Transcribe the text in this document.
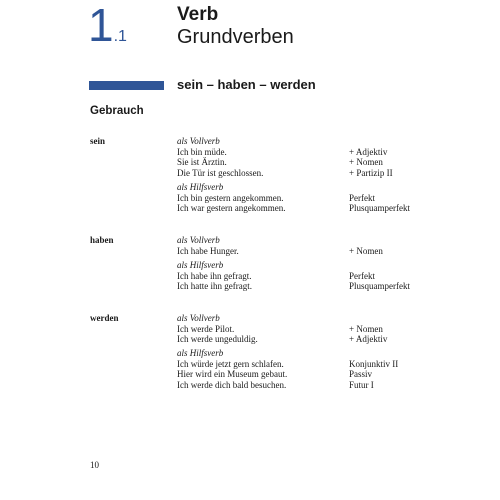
1.1
Verb
Grundverben
sein – haben – werden
Gebrauch
sein	als Vollverb
Ich bin müde.	+ Adjektiv
Sie ist Ärztin.	+ Nomen
Die Tür ist geschlossen.	+ Partizip II
als Hilfsverb
Ich bin gestern angekommen.	Perfekt
Ich war gestern angekommen.	Plusquamperfekt
haben	als Vollverb
Ich habe Hunger.	+ Nomen
als Hilfsverb
Ich habe ihn gefragt.	Perfekt
Ich hatte ihn gefragt.	Plusquamperfekt
werden	als Vollverb
Ich werde Pilot.	+ Nomen
Ich werde ungeduldig.	+ Adjektiv
als Hilfsverb
Ich würde jetzt gern schlafen.	Konjunktiv II
Hier wird ein Museum gebaut.	Passiv
Ich werde dich bald besuchen.	Futur I
10
